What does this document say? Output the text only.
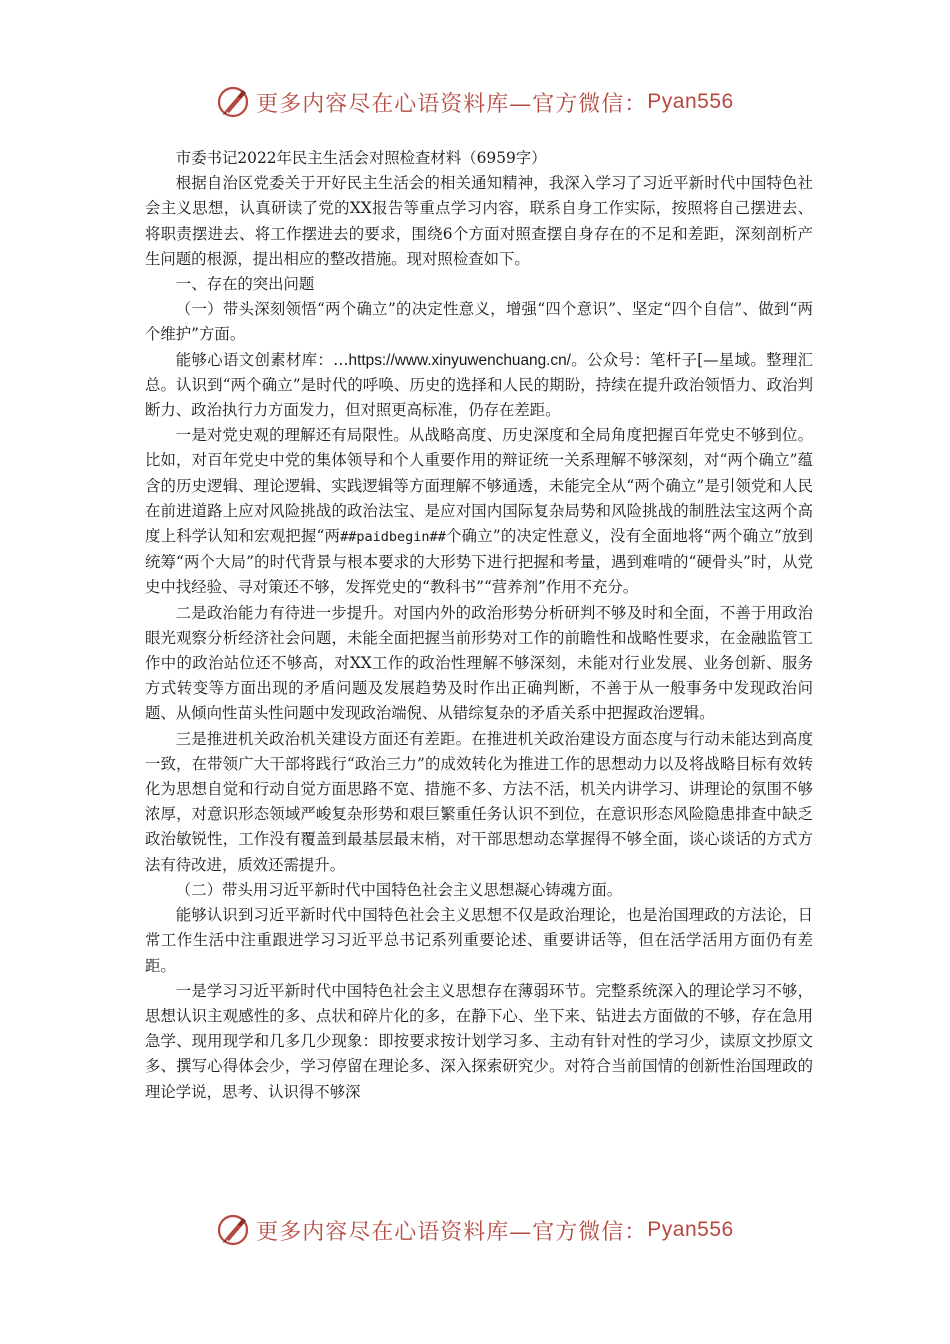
更多内容尽在心语资料库—官方微信： Pyan556

市委书记2022年民主生活会对照检查材料（6959字）

根据自治区党委关于开好民主生活会的相关通知精神，我深入学习了习近平新时代中国特色社会主义思想，认真研读了党的XX报告等重点学习内容，联系自身工作实际，按照将自己摆进去、将职责摆进去、将工作摆进去的要求，围绕6个方面对照查摆自身存在的不足和差距，深刻剖析产生问题的根源，提出相应的整改措施。现对照检查如下。

一、存在的突出问题

（一）带头深刻领悟“两个确立”的决定性意义，增强“四个意识”、坚定“四个自信”、做到“两个维护”方面。

能够心语文创素材库：…https://www.xinyuwenchuang.cn/。公众号：笔杆子[—星域。整理汇总。认识到“两个确立”是时代的呼唤、历史的选择和人民的期盼，持续在提升政治领悟力、政治判断力、政治执行力方面发力，但对照更高标准，仍存在差距。

一是对党史观的理解还有局限性。从战略高度、历史深度和全局角度把握百年党史不够到位。比如，对百年党史中党的集体领导和个人重要作用的辩证统一关系理解不够深刻，对“两个确立”蕴含的历史逻辑、理论逻辑、实践逻辑等方面理解不够通透，未能完全从“两个确立”是引领党和人民在前进道路上应对风险挑战的政治法宝、是应对国内国际复杂局势和风险挑战的制胜法宝这两个高度上科学认知和宏观把握“两##paidbegin##个确立”的决定性意义，没有全面地将“两个确立”放到统筹“两个大局”的时代背景与根本要求的大形势下进行把握和考量，遇到难啃的“硬骨头”时，从党史中找经验、寻对策还不够，发挥党史的“教科书”“营养剂”作用不充分。

二是政治能力有待进一步提升。对国内外的政治形势分析研判不够及时和全面，不善于用政治眼光观察分析经济社会问题，未能全面把握当前形势对工作的前瞻性和战略性要求，在金融监管工作中的政治站位还不够高，对XX工作的政治性理解不够深刻，未能对行业发展、业务创新、服务方式转变等方面出现的矛盾问题及发展趋势及时作出正确判断，不善于从一般事务中发现政治问题、从倾向性苗头性问题中发现政治端倪、从错综复杂的矛盾关系中把握政治逻辑。

三是推进机关政治机关建设方面还有差距。在推进机关政治建设方面态度与行动未能达到高度一致，在带领广大干部将践行“政治三力”的成效转化为推进工作的思想动力以及将战略目标有效转化为思想自觉和行动自觉方面思路不宽、措施不多、方法不活，机关内讲学习、讲理论的氛围不够浓厚，对意识形态领域严峻复杂形势和艰巨繁重任务认识不到位，在意识形态风险隐患排查中缺乏政治敏锐性，工作没有覆盖到最基层最末梢，对干部思想动态掌握得不够全面，谈心谈话的方式方法有待改进，质效还需提升。

（二）带头用习近平新时代中国特色社会主义思想凝心铸魂方面。

能够认识到习近平新时代中国特色社会主义思想不仅是政治理论，也是治国理政的方法论，日常工作生活中注重跟进学习习近平总书记系列重要论述、重要讲话等，但在活学活用方面仍有差距。

一是学习习近平新时代中国特色社会主义思想存在薄弱环节。完整系统深入的理论学习不够，思想认识主观感性的多、点状和碎片化的多，在静下心、坐下来、钻进去方面做的不够，存在急用急学、现用现学和几多几少现象：即按要求按计划学习多、主动有针对性的学习少，读原文抄原文多、撰写心得体会少，学习停留在理论多、深入探索研究少。对符合当前国情的创新性治国理政的理论学说，思考、认识得不够深

更多内容尽在心语资料库—官方微信： Pyan556
